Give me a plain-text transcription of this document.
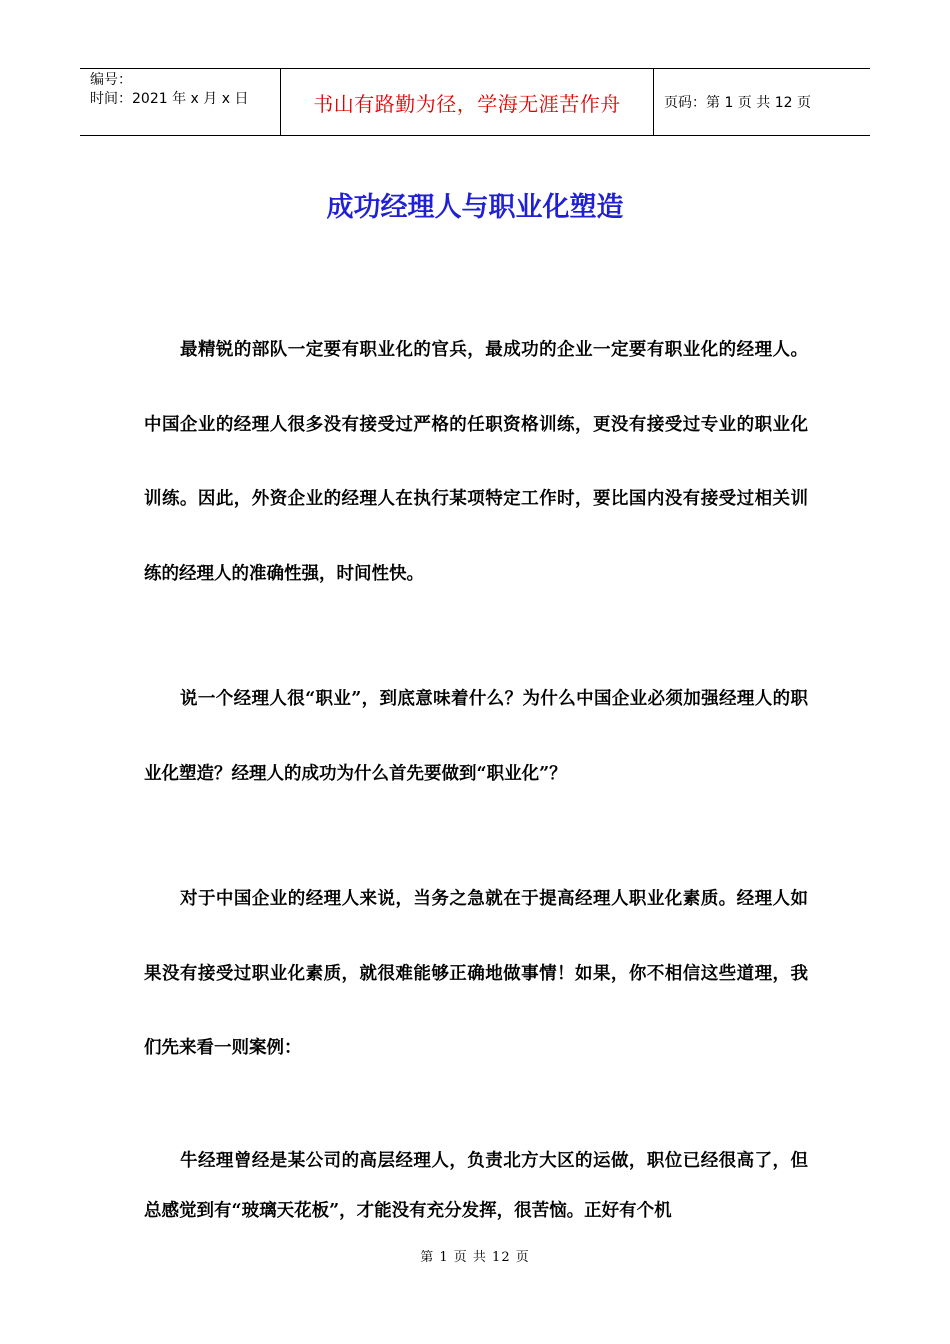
编号：
时间：2021 年 x 月 x 日	书山有路勤为径，学海无涯苦作舟	页码：第 1 页 共 12 页
成功经理人与职业化塑造

最精锐的部队一定要有职业化的官兵，最成功的企业一定要有职业化的经理人。中国企业的经理人很多没有接受过严格的任职资格训练，更没有接受过专业的职业化训练。因此，外资企业的经理人在执行某项特定工作时，要比国内没有接受过相关训练的经理人的准确性强，时间性快。

说一个经理人很“职业”，到底意味着什么？为什么中国企业必须加强经理人的职业化塑造？经理人的成功为什么首先要做到“职业化”？

对于中国企业的经理人来说，当务之急就在于提高经理人职业化素质。经理人如果没有接受过职业化素质，就很难能够正确地做事情！如果，你不相信这些道理，我们先来看一则案例：

牛经理曾经是某公司的高层经理人，负责北方大区的运做，职位已经很高了，但总感觉到有“玻璃天花板”，才能没有充分发挥，很苦恼。正好有个机

第 1 页 共 12 页
